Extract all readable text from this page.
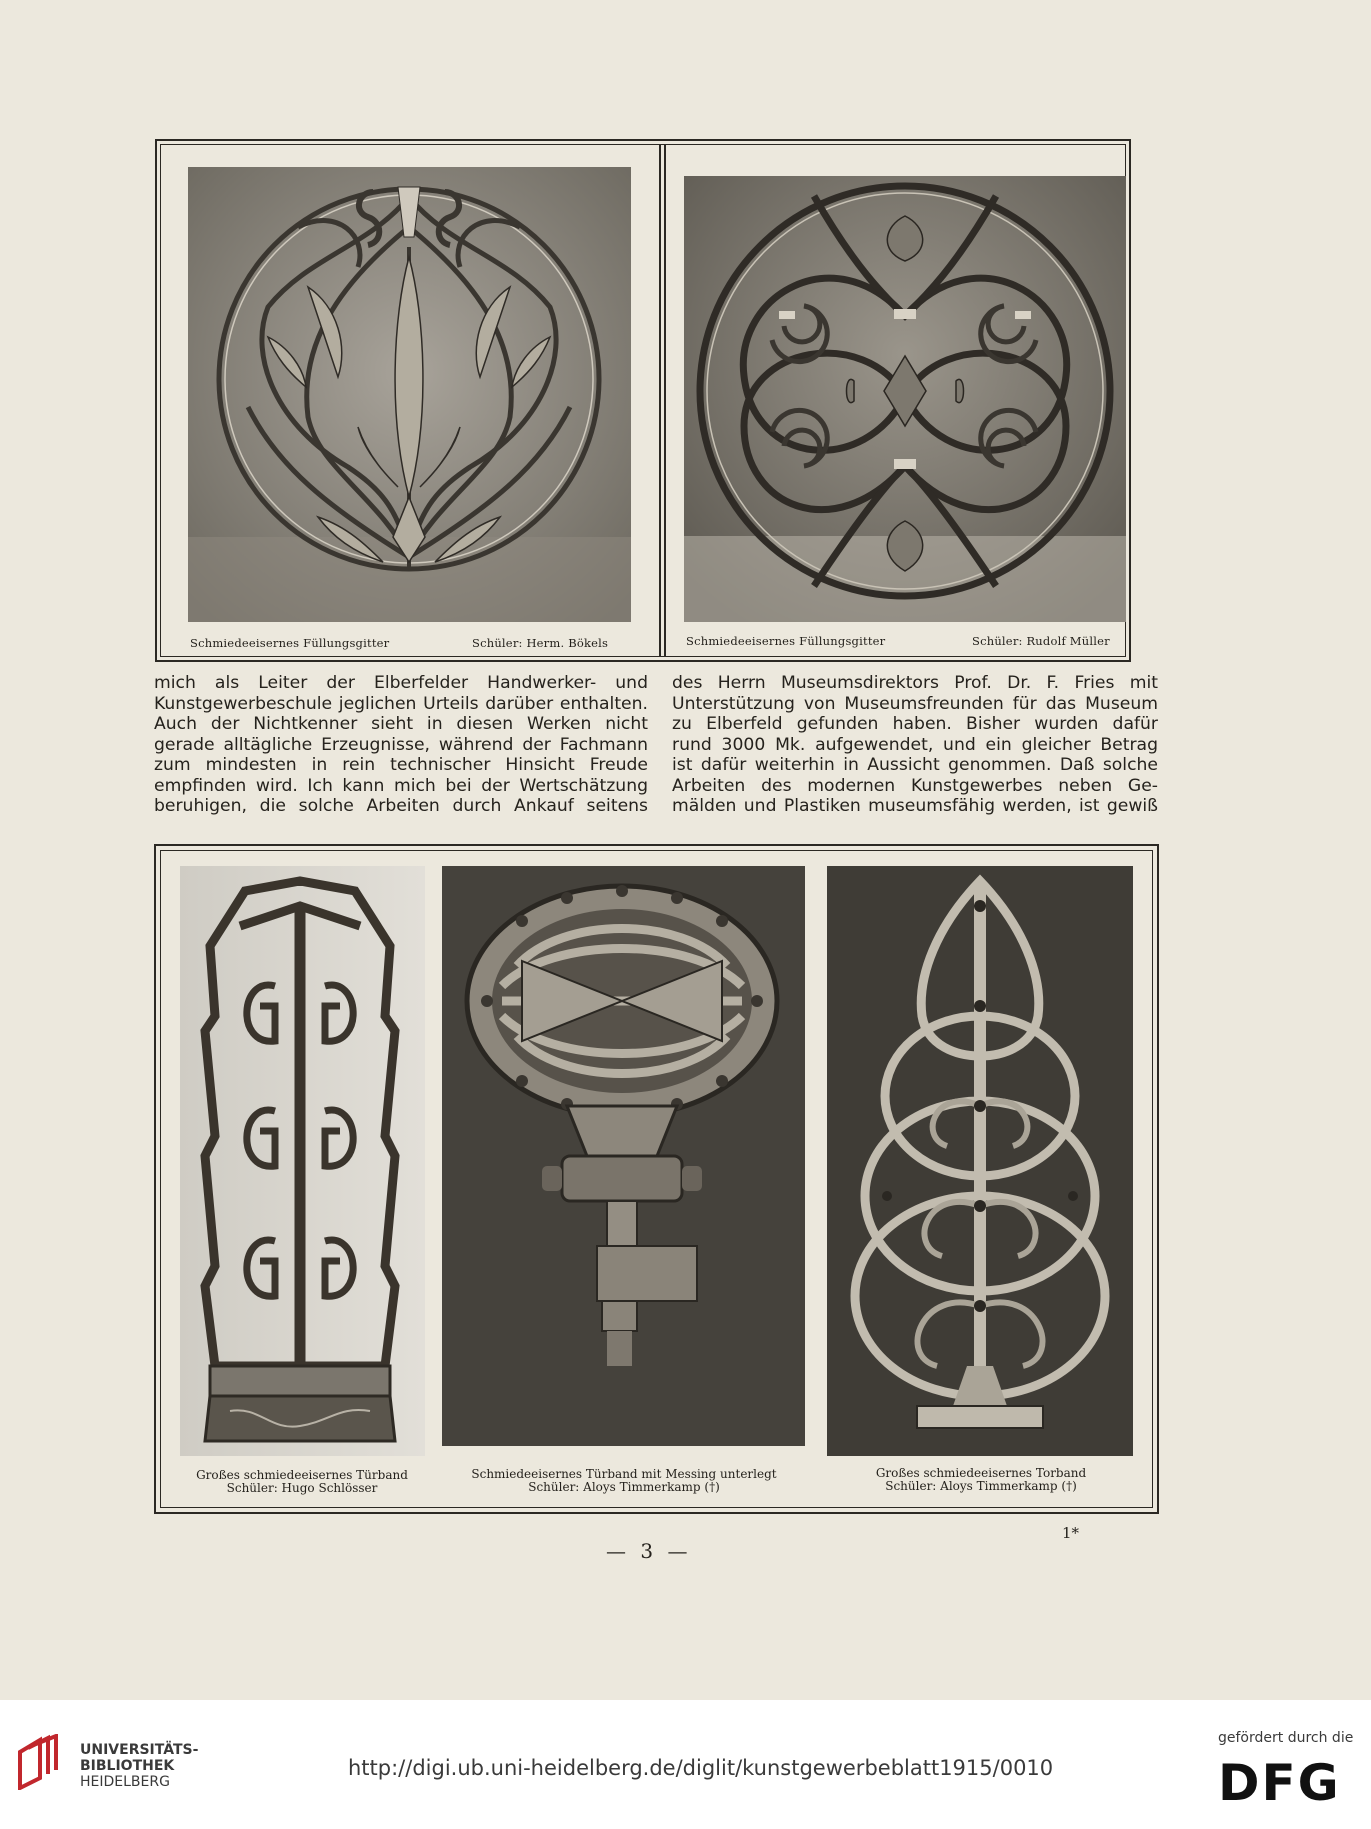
Schmiedeeisernes Füllungsgitter	Schüler: Herm. Bökels	Schmiedeeisernes Füllungsgitter	Schüler: Rudolf Müller
mich als Leiter der Elberfelder Handwerker- und
Kunstgewerbeschule jeglichen Urteils darüber enthalten.
Auch der Nichtkenner sieht in diesen Werken nicht
gerade alltägliche Erzeugnisse, während der Fachmann
zum mindesten in rein technischer Hinsicht Freude
empfinden wird. Ich kann mich bei der Wertschätzung
beruhigen, die solche Arbeiten durch Ankauf seitens
des Herrn Museumsdirektors Prof. Dr. F. Fries mit
Unterstützung von Museumsfreunden für das Museum
zu Elberfeld gefunden haben. Bisher wurden dafür
rund 3000 Mk. aufgewendet, und ein gleicher Betrag
ist dafür weiterhin in Aussicht genommen. Daß solche
Arbeiten des modernen Kunstgewerbes neben Ge-
mälden und Plastiken museumsfähig werden, ist gewiß
Großes schmiedeeisernes Türband
Schüler: Hugo Schlösser
Schmiedeeisernes Türband mit Messing unterlegt
Schüler: Aloys Timmerkamp (†)
Großes schmiedeeisernes Torband
Schüler: Aloys Timmerkamp (†)
— 3 —
1*
UNIVERSITÄTS-
BIBLIOTHEK
HEIDELBERG
http://digi.ub.uni-heidelberg.de/diglit/kunstgewerbeblatt1915/0010
gefördert durch die
DFG
